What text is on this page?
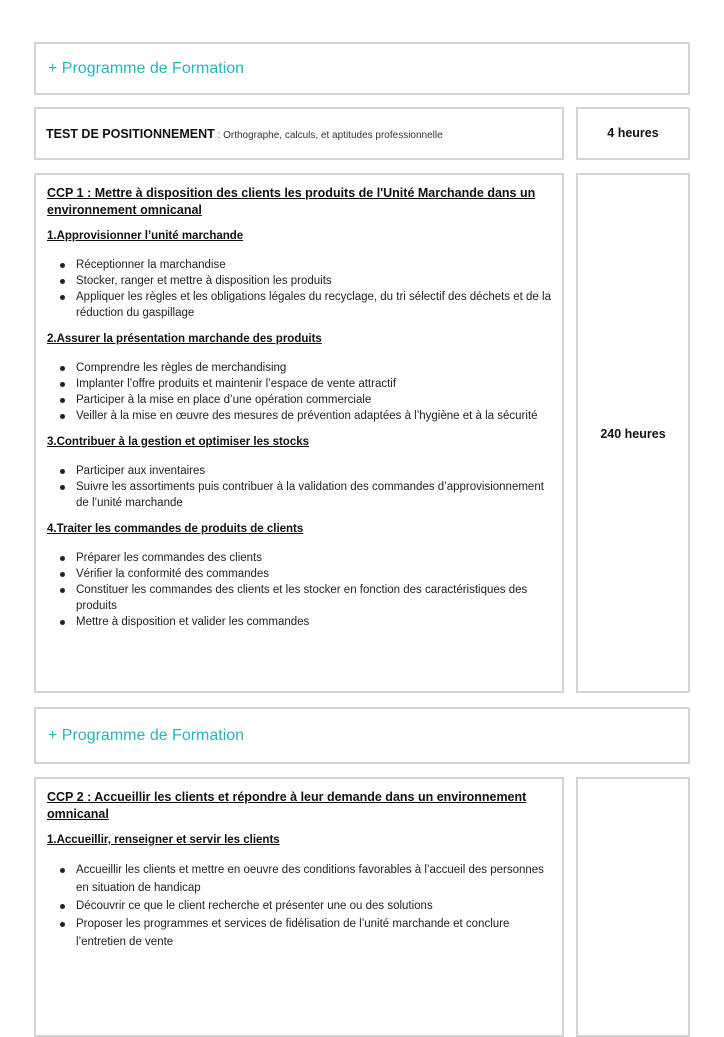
+ Programme de Formation
TEST DE POSITIONNEMENT : Orthographe, calculs, et aptitudes professionnelle	4 heures
CCP 1 : Mettre à disposition des clients les produits de l'Unité Marchande dans un environnement omnicanal
1.Approvisionner l’unité marchande
Réceptionner la marchandise
Stocker, ranger et mettre à disposition les produits
Appliquer les règles et les obligations légales du recyclage, du tri sélectif des déchets et de la réduction du gaspillage
2.Assurer la présentation marchande des produits
Comprendre les règles de merchandising
Implanter l’offre produits et maintenir l’espace de vente attractif
Participer à la mise en place d’une opération commerciale
Veiller à la mise en œuvre des mesures de prévention adaptées à l’hygiène et à la sécurité
3.Contribuer à la gestion et optimiser les stocks
Participer aux inventaires
Suivre les assortiments puis contribuer à la validation des commandes d’approvisionnement de l’unité marchande
4.Traiter les commandes de produits de clients
Préparer les commandes des clients
Vérifier la conformité des commandes
Constituer les commandes des clients et les stocker en fonction des caractéristiques des produits
Mettre à disposition et valider les commandes
240 heures
+ Programme de Formation
CCP 2 : Accueillir les clients et répondre à leur demande dans un environnement omnicanal
1.Accueillir, renseigner et servir les clients
Accueillir les clients et mettre en oeuvre des conditions favorables à l’accueil des personnes en situation de handicap
Découvrir ce que le client recherche et présenter une ou des solutions
Proposer les programmes et services de fidélisation de l’unité marchande et conclure l’entretien de vente
